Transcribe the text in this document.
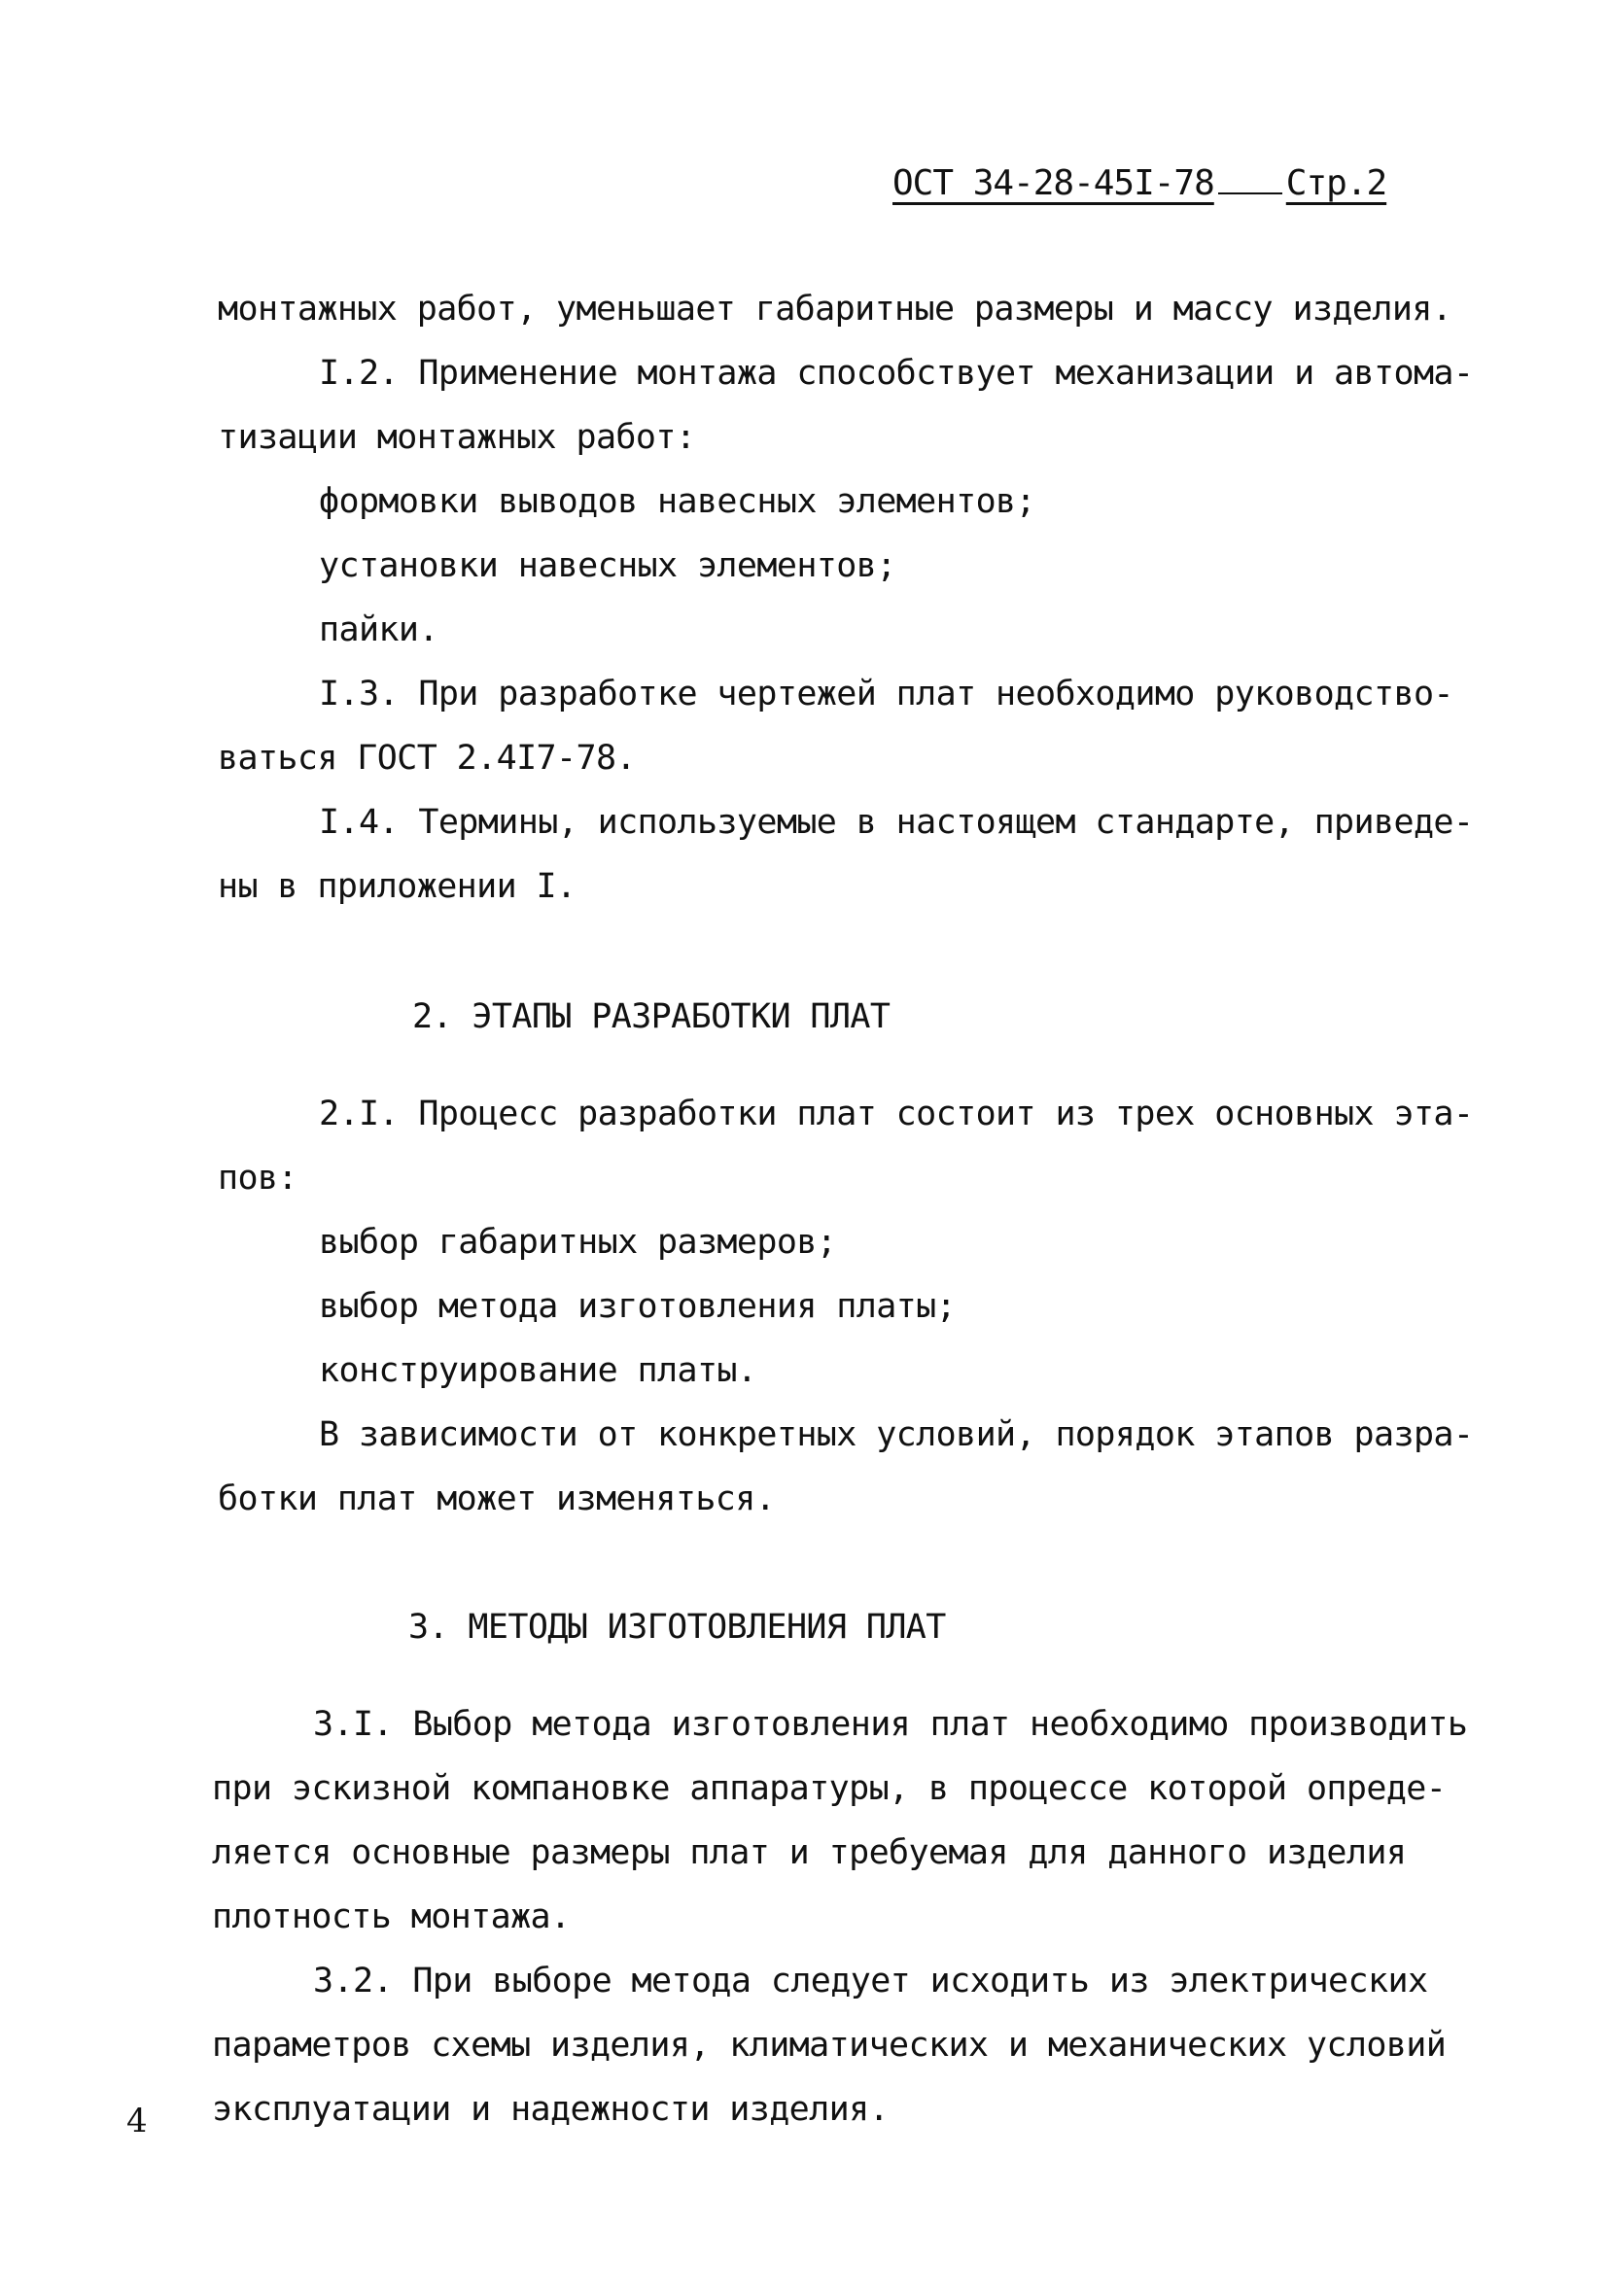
ОСТ 34-28-45I-78 Стр.2
монтажных работ, уменьшает габаритные размеры и массу изделия.
I.2. Применение монтажа способствует механизации и автома-
тизации монтажных работ:
формовки выводов навесных элементов;
установки навесных элементов;
пайки.
I.3. При разработке чертежей плат необходимо руководство-
ваться ГОСТ 2.4I7-78.
I.4. Термины, используемые в настоящем стандарте, приведе-
ны в приложении I.
2. ЭТАПЫ РАЗРАБОТКИ ПЛАТ
2.I. Процесс разработки плат состоит из трех основных эта-
пов:
выбор габаритных размеров;
выбор метода изготовления платы;
конструирование платы.
В зависимости от конкретных условий, порядок этапов разра-
ботки плат может изменяться.
3. МЕТОДЫ ИЗГОТОВЛЕНИЯ ПЛАТ
3.I. Выбор метода изготовления плат необходимо производить
при эскизной компановке аппаратуры, в процессе которой опреде-
ляется основные размеры плат и требуемая для данного изделия
плотность монтажа.
3.2. При выборе метода следует исходить из электрических
параметров схемы изделия, климатических и механических условий
эксплуатации и надежности изделия.
4
